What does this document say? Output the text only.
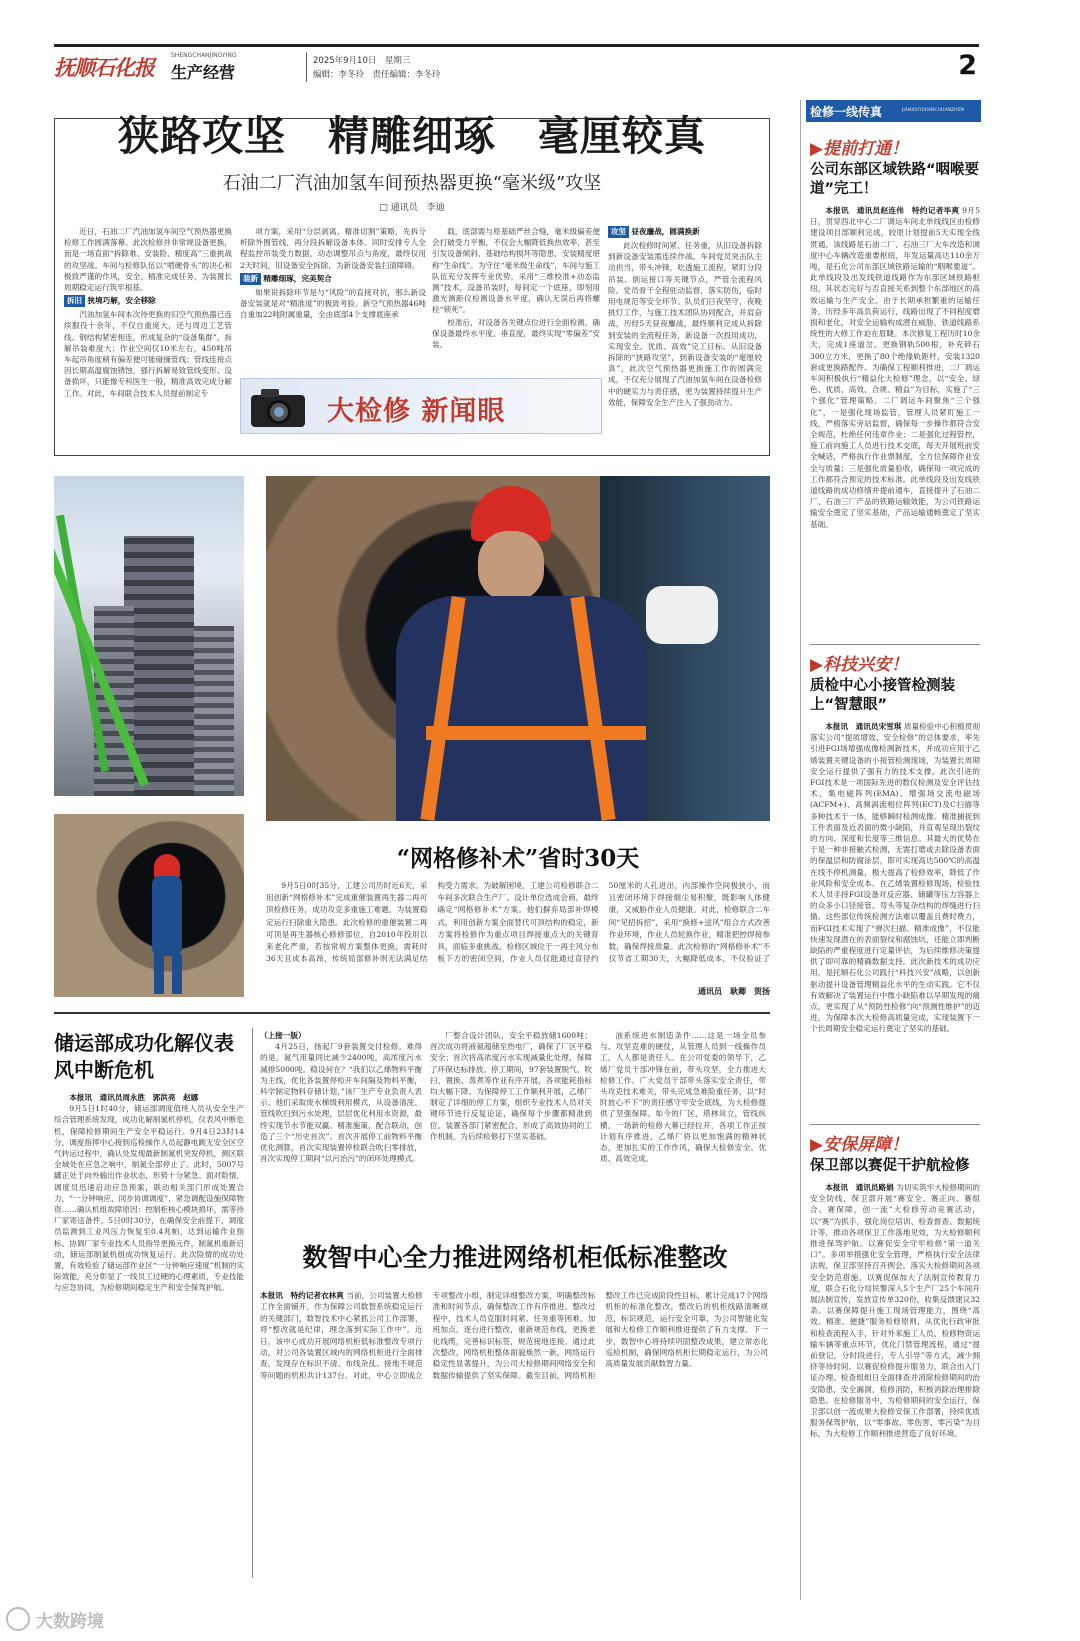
抚顺石化报	SHENGCHANJINGYING
生产经营
2025年9月10日　星期三
编辑：李冬玲　责任编辑：李冬玲	2
狭路攻坚　精雕细琢　毫厘较真
石油二厂汽油加氢车间预热器更换“毫米级”攻坚
□ 通讯员　李迪

近日，石油二厂汽油加氢车间空气预热器更换检修工作圆满落幕。此次检修并非常规设备更换，而是一场直面“拆除难、安装险、精度高”三重挑战的攻坚战。车间与检修队伍以“啃硬骨头”的决心和极致严谨的作风，安全、精准完成任务，为装置长周期稳定运行筑牢根基。

拆旧 狭境巧解，安全移除

汽油加氢车间本次待更换的旧空气预热器已连续服役十余年，不仅自重庞大，还与周边工艺管线、钢结构紧密相连，形成复杂的“设备集群”，拆解吊装难度大；作业空间仅10米左右，450吨吊车起吊角度稍有偏差便可能碰撞管线；管线连接点因长期高温腐蚀锈蚀，强行拆解易致管线变形、设备损坏，只能像专科医生一般，精准高效完成分解工作。对此，车间联合技术人员提前制定专

项方案，采用“分层剥离，精准切割”策略，先拆分析除外围管线，再分段拆解设备本体。同时安排专人全程监控吊装受力数据，动态调整吊点与角度，最终仅用2天时间，旧设备安全拆除，为新设备安装扫清障碍。

装新 精雕细琢，完美契合

如果说拆除环节是与“风险”的直接对抗，那么新设备安装就是对“精准度”的极致考验。新空气预热器46吨自重加22吨附属重量，全由底部4个支撑底座承

载，底部需与原基础严丝合缝，毫米级偏差便会打破受力平衡，不仅会大幅降低换热效率，甚至引发设备倾斜、基础结构损坏等隐患，安装精度堪称“生命线”。为守住“毫米级生命线”，车间与施工队伍充分发挥专业优势，采用“三维校准+动态监测”技术，设备吊装时，每间定一个底座，即刻用激光测距仪检测设备水平度，确认无误后再将螺栓“锁死”。

校准后，对设备各关键点位进行全面检测，确保设备最终水平度、垂直度，最终实现“零偏差”安装。

攻坚 昼夜鏖战，圆满换新

此次检修时间紧、任务重，从旧设备拆除到新设备安装需连续作战。车间党员突击队主动担当，带头冲锋，吃透施工流程，紧盯分段吊装、倒运接口等关键节点，严管全流程风险。党员骨干全程驻动监督，落实防伤，临时用电规范等安全环节。队员们日夜坚守，夜晚挑灯工作，与施工技术团队协同配合，并肩奋战，历经5天昼夜鏖战，最终顺利完成从拆除到安装的全流程任务，新设备一次投用成功，实现安全、优质、高效”完工目标。从旧设备拆除的“狭路攻坚”，到新设备安装的“毫厘较真”，此次空气预热器更换施工作的圆满完成，不仅充分展现了汽油加氢车间在设备检修中的硬实力与责任感，更为装置持续提升生产效能，保障安全生产注入了强劲动力。

大检修 新闻眼
“网格修补术”省时30天
9月5日0时35分，工建公司历时近6天，采用创新“网格修补术”完成重催装置再生器二再可顶检修任务，成功攻克多重施工难题，为装置稳定运行扫除重大隐患。此次检修的重催装置二再可顶是再生器核心修修部位，自2010年投用以来老化严重，若按常规方案整体更换，需耗时36天且成本高昂，传统局部修补则无法满足结构受力需求。为破解困境，工建公司检修联合二车间多次联合生产厂、设计单位选成会商，最终确定“网格修补术”方案。他们摒弃局部补焊模式，利用创新方案全面替代可顶结构的稳定，新方案将检修作为重点项目焊接重点大的关键育具，面临多重挑战。检修区域位于一再主风分布板下方的密闭空间，作业人员仅能通过直径约50厘米的人孔进出，内部操作空间极狭小，而且密闭环境下焊接烟尘易积聚，既影响人体健康，又威胁作业人员健康。对此，检修联合二车间“见招拆招”，采用“换修+送风”组合方式改善作业环境，作业人员轮换作业，精准把控焊接参数，确保焊接质量。此次检修的“网格修补术”不仅节省工期30天，大幅降低成本，不仅验证了
通讯员　耿卿　贺扬
储运部成功化解仪表风中断危机
本报讯　通讯员周永胜　郭洪亮　赵娜

9月5日1时40分，储运部调度值班人员从安全生产综合管理系统发现，成功化解制氮机停机，仪表风中断危机，保障检修期间生产安全平稳运行。9月4日23时14分，调度指挥中心接到巡检操作人员起静电跳无安全区空气转运过程中，确认处发现最新制氮机突发停机，测区联全域处在应急之响中，制氮全部停止了。此时，5007号罐正处于向外输出作业状态，形势十分紧急。面对险情，调度员迅速启动应急预案，联动相关部门形成处置合力，“一分钟响应，同步协调调度”，紧急调配设施保障物资……确认机组故障原因：控制柜核心模块损坏，需等待厂家寄送备件。5日0时30分，在确保安全前提下，调度员监测到工业风压力恢复至0.4兆帕，达到运输作业指标。协调厂家专业技术人员指导更换元件，制氮机重新启动，储运部制氮机组成功恢复运行。此次险情的成功处置，有效检验了储运部作业区“一分钟响应速度”机制的实际效能，充分彰显了一线员工过硬的心理素质，专业技能与应急协同，为检修期间稳定生产和安全保驾护航。

（上接一版）

4月25日，扬起厂9套装置交付检修。难得的是，氮气用量同比减少2400吨，高浓度污水减排5000吨。稳设何在？“我们以乙烯物料平衡为主线，优化各装置停检开车间隔及物料平衡，科学制定物料存储计划，”该厂生产专业负责人表示。他们采取废水梯级利用模式，从设备清洗、管线吹扫到污水处理，层层优化利用水资源，最终实现节水节能双赢。精准施策，配合联动，创造了三个“历史首次”。首次开展停工前物料平衡优化测算，首次实现装置停检联合吹扫零排放，首次实现停工期间“以污治污”的闭环处理模式。

厂整合设计团队，安全平稳放储1600吨；首次成功将液氨超储至热电厂，确保了厂区平稳安全；首次将高浓度污水实现减量化处理，保障了环保达标排放。停工期间，97套装置脱气、吹扫、置换、蒸煮等作业有序开展，各项能耗指标均大幅下降。为保障停工工作顺利开展，乙烯厂制定了详细的停工方案，组织专业技术人员对关键环节进行反复论证，确保每个步骤都精准到位。装置各部门紧密配合，形成了高效协同的工作机制，为后续检修打下坚实基础。

油系统进水制造条件……这是一场全员参与、攻坚克难的硬仗，从管理人员到一线操作员工，人人都是责任人。在公司党委的领导下，乙烯厂党员干部冲锋在前，带头攻坚，全力推进大检修工作。广大党员干部带头落实安全责任，带头攻克技术难关，带头完成急难险重任务，以“时时放心不下”的责任感守牢安全底线，为大检修提供了坚强保障。如今的厂区，塔林耸立，管线纵横，一场新的检修大幕已经拉开，各项工作正按计划有序推进，乙烯厂将以更加饱满的精神状态，更加扎实的工作作风，确保大检修安全、优质、高效完成。

数智中心全力推进网络机柜低标准整改
本报讯　特约记者衣林爽 当前，公司装置大检修工作全面铺开，作为保障公司数智系统稳定运行的关键部门，数智技术中心紧抓公司工作部署，将“整改就是纪律，理念落到实际工作中”。近日，该中心成功开展网络机柜低标准整改专项行动，对公司各装置区域内的网络机柜进行全面排查，发现存在标识不清、布线杂乱、接地不规范等问题的机柜共计137台。对此，中心立即成立专项整改小组，制定详细整改方案，明确整改标准和时间节点，确保整改工作有序推进。整改过程中，技术人员克服时间紧、任务重等困难，加班加点，逐台进行整改，重新规范布线，更换老化线缆，完善标识标签，规范接地连接。通过此次整改，网络机柜整体面貌焕然一新，网络运行稳定性显著提升，为公司大检修期间网络安全和数据传输提供了坚实保障。截至目前，网络机柜整改工作已完成阶段性目标，累计完成17个网络机柜的标准化整改，整改后的机柜线路清晰规范，标识规范，运行安全可靠，为公司智能化发展和大检修工作顺利推进提供了有力支撑。下一步，数智中心将持续巩固整改成果，建立常态化巡检机制，确保网络机柜长期稳定运行，为公司高质量发展贡献数智力量。
检修一线传真	JIANXIUYIXIANCHUANZHEN
▶提前打通！
公司东部区域铁路“咽喉要道”完工！
本报讯　通讯员赵连伟　特约记者毕爽 9月5日，贯穿西北中心二厂调运车间北单线线区由检修建设项目部顺利完成，较原计划提前5天实现全线贯通。该线路是石油二厂、石油三厂大车改造和调度中心车辆改造重要枢纽，年发运量高达110余万吨，是石化公司东部区域铁路运输的“咽喉要道”。此单线段及出发线铁道线路作为东部区域铁路枢纽，其状态完好与否直接关系到整个东部地区的高效运输与生产安全。由于长期承担繁重的运输任务，历经多年高负荷运行，线路出现了不同程度磨损和老化，对安全运输构成潜在威胁，铁道线路系统性的大修工作迫在眉睫。本次修复工程历时10余天，完成1座道岔、更换钢轨500根，补充碎石300立方米，更换了80个绝缘轨距杆，安装1320套或更换路配件。为确保工程顺利推进，二厂调运车间积极执行“精益化大检修”理念，以“安全、绿色、优质、高效、合规、精益”为目标，实施了“三个强化”管理策略。二厂调运车间聚焦“三个强化”，一是强化现场监管，管理人员紧盯施工一线，严格落实旁站监督，确保每一步操作都符合安全规范，杜绝任何违章作业；二是强化过程管控，施工前向施工人员进行技术交底，每天开展班前安全喊话，严格执行作业票制度，全方位保障作业安全与质量；三是强化质量验收，确保每一项完成的工作都符合预定的技术标准。此单线段及出发线铁道线路的成功修缮并提前通车，直接提升了石油二厂、石油三厂产品的铁路运输效能，为公司铁路运输安全奠定了坚实基础，产品运输通畅奠定了坚实基础。
▶科技兴安！
质检中心小接管检测装上“智慧眼”
本报讯　通讯员宋雪琪 质量检验中心积极贯彻落实公司“提质增效、安全检修”的总体要求，率先引进FGI场增强成像检测新技术，并成功应用于乙烯装置关键设备的小接管检测现场，为装置长周期安全运行提供了强有力的技术支撑。此次引进的FGI技术是一项国际先进的数仪检测及安全评估技术，集电磁阵列(EMA)、增强场交流电磁场(ACFM+)、高频涡流相位阵列(ECT)及C扫描等多种技术于一体，能够瞬时检测成像。精准捕捉到工件表面及近表面的微小缺陷，并直观呈现出裂纹的方向、深度和长度等三维信息。其最大的优势在于是一种非接触式检测，无需打磨或去除设备表面的保温层和防腐涂层，即可实现高达500℃的高温在线不停机测量，极大提高了检修效率，降低了作业风险和安全成本。在乙烯装置检修现场，检验技术人员手持FGI设备对反应器、储罐等压力容器上的众多小口径接管、弯头等复杂结构的焊缝进行扫描。这些部位传统检测方法难以覆盖且费时费力，而FGI技术实现了“弹次扫描、精准成像”，不仅能快速发现潜在的表面裂纹和腐蚀坑，还能立即判断缺陷的严重程度进行定量评估，为后续维修决策提供了即可靠的精确数据支持。此次新技术的成功应用，是托顺石化公司践行“科技兴安”战略，以创新驱动提升设备管理精益化水平的生动实践。它不仅有效解决了装置运行中微小缺陷难以早期发现的痛点，更实现了从“预防性检修”向“预测性维护”的迈进，为保障本次大检修高质量完成，实现装置下一个长周期安全稳定运行奠定了坚实的基础。
▶安保屏障！
保卫部以赛促干护航检修
本报讯　通讯员路娟 为切实筑牢大检修期间的安全防线，保卫部开展“赛安全、赛正向、赛组合、赛保障，创一流”大检修劳动竞赛活动，以“赛”为抓手，强化岗位培训、检查督查、数据统计等，推动各项保卫工作落地见效，为大检修顺利推进保驾护航。以赛促安全守牢检修“第一道关口”。多项举措强化安全管理，严格执行安全法律法规，保卫部坚持召开例会，落实大检修期间各项安全防范措施，以赛促保加大了法制宣传教育力度，联合石化分局民警深入5个生产厂25个车间开展法制宣传，发放宣传单320份，收集反馈建议32条。以赛保障提升施工现场管理能力，围绕“高效、精准、便捷”服务检修原则，从优化行政审批和检查流程入手，针对外来施工人员、检修物资运输车辆等重点环节，优化门禁管理流程，通过“提前登记，分时段进行，专人引导”等方式，减少拥挤等待时间。以赛促检修提升服务力，联合出入门证办理、检查组组日全面排查并消除检修期间的治安隐患，安全漏洞，检修消防，积极消除治理排除隐患。在检修服务中，为检修期间的安全运行，保卫部以创一流成果大检修安保工作部署，持续优质服务保驾护航，以“零事故、零伤害、零污染”为目标，为大检修工作顺利推进营造了良好环境。
大数跨境
